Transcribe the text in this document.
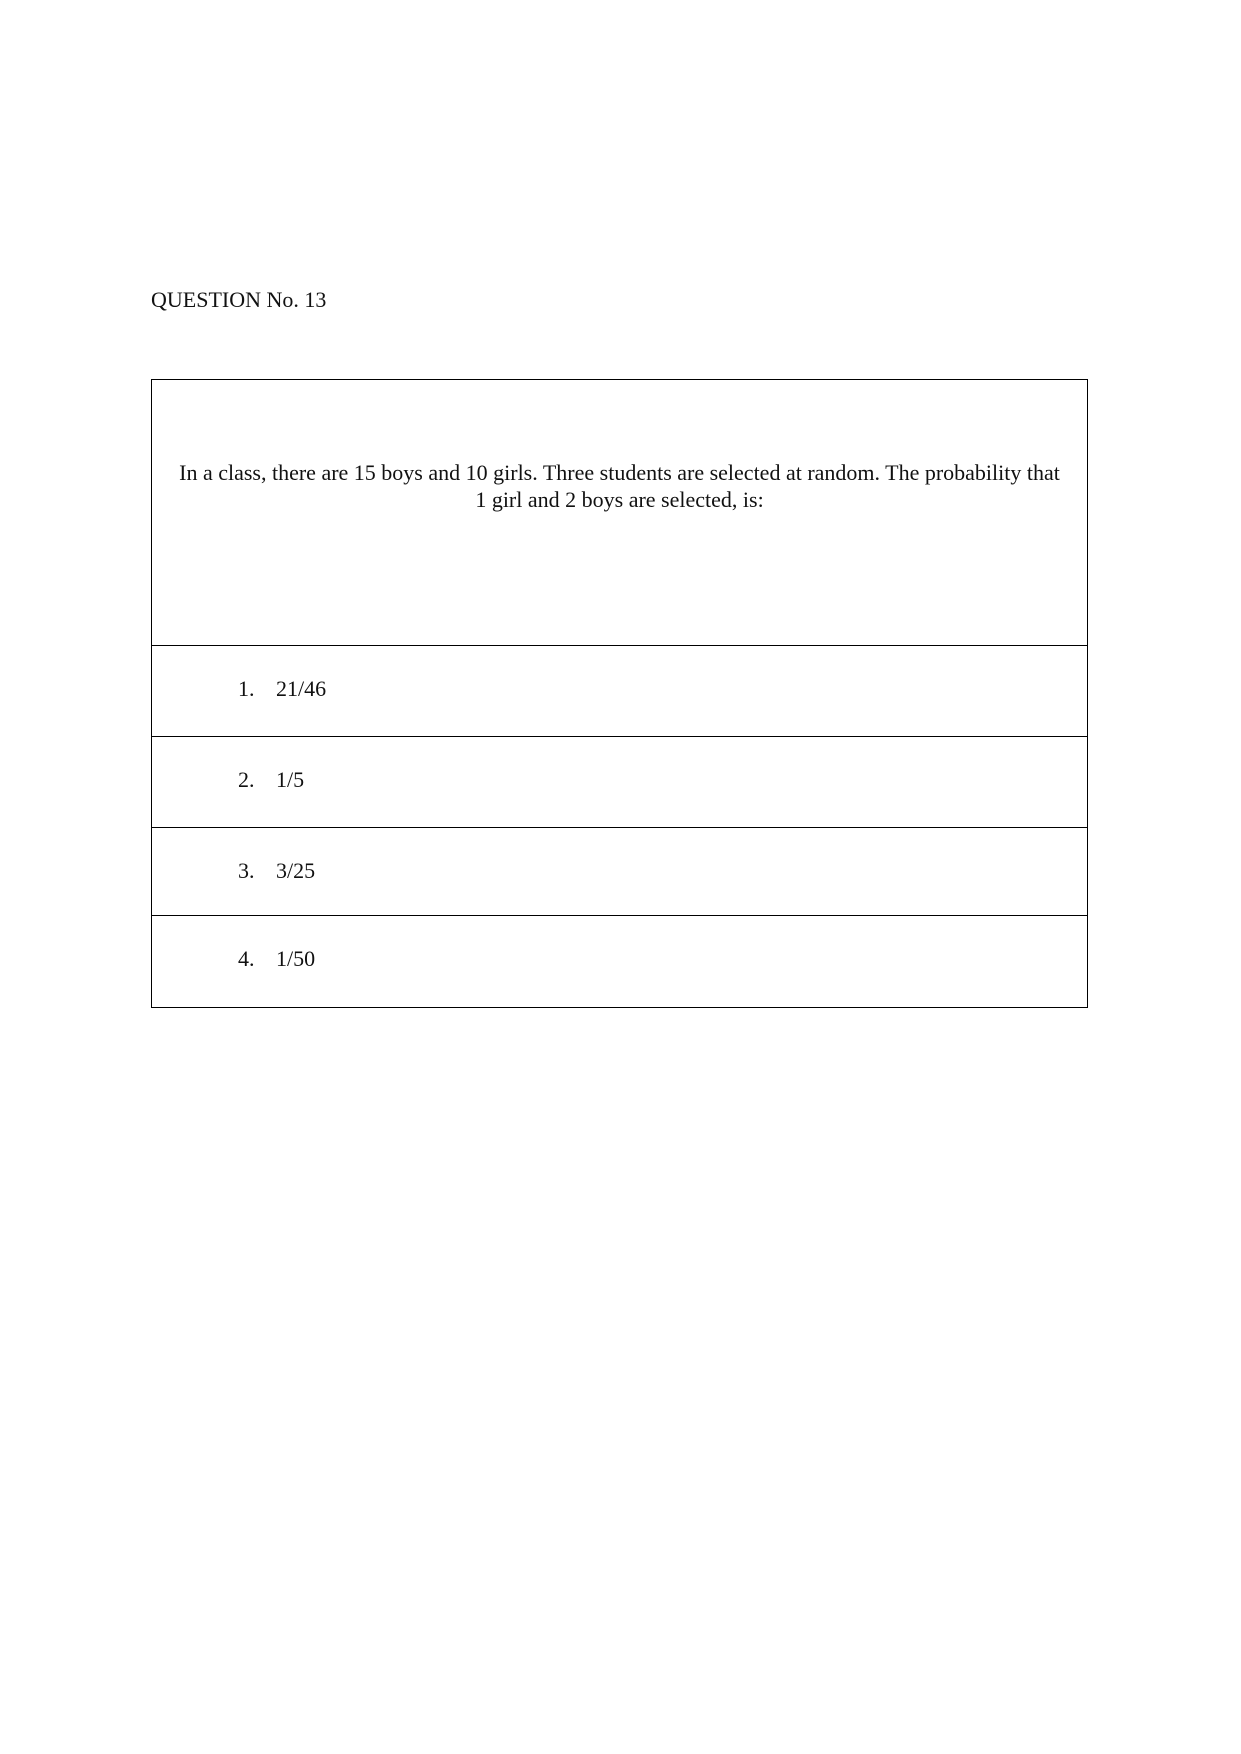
QUESTION No. 13
In a class, there are 15 boys and 10 girls. Three students are selected at random. The probability that 1 girl and 2 boys are selected, is:
1. 21/46
2. 1/5
3. 3/25
4. 1/50
